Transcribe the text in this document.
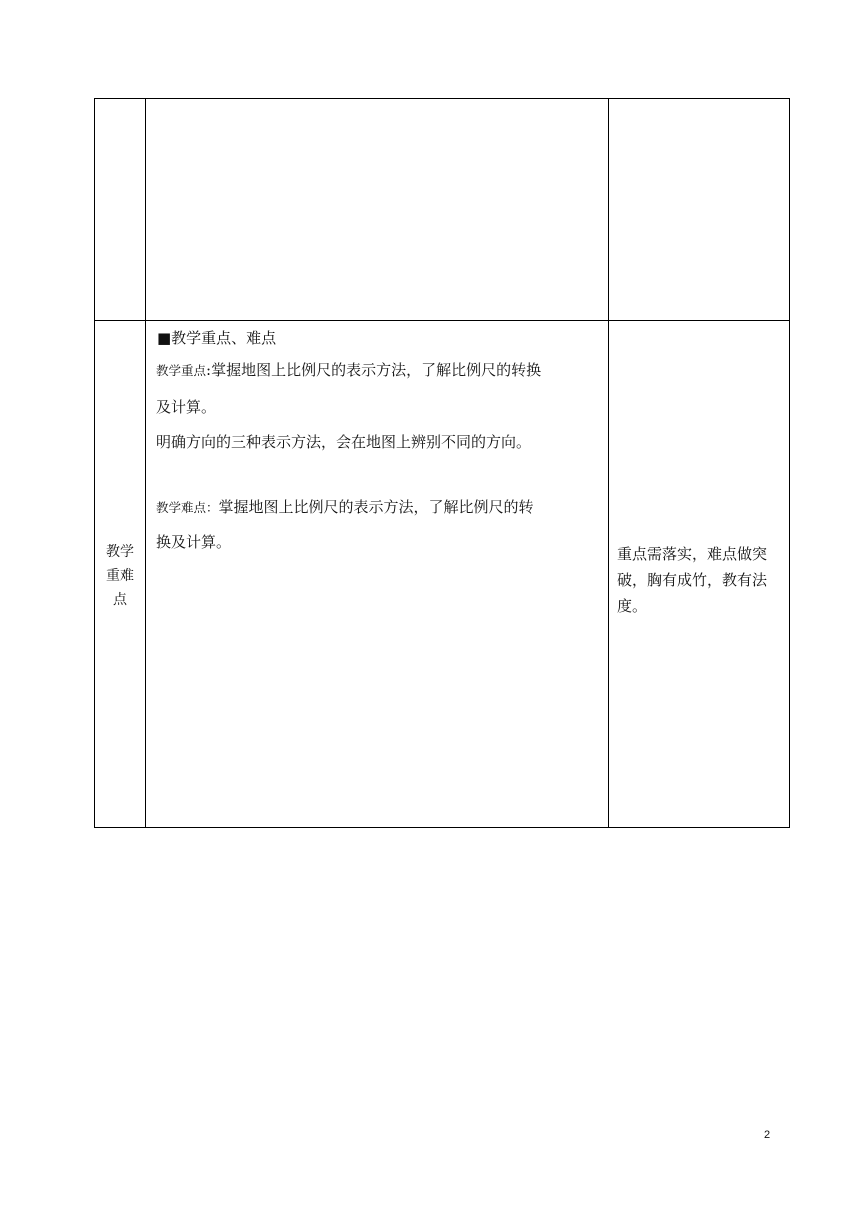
教学
重难
点
■教学重点、难点
教学重点:掌握地图上比例尺的表示方法，了解比例尺的转换
及计算。
明确方向的三种表示方法，会在地图上辨别不同的方向。
教学难点：掌握地图上比例尺的表示方法，了解比例尺的转
换及计算。
重点需落实，难点做突破，胸有成竹，教有法度。
2
